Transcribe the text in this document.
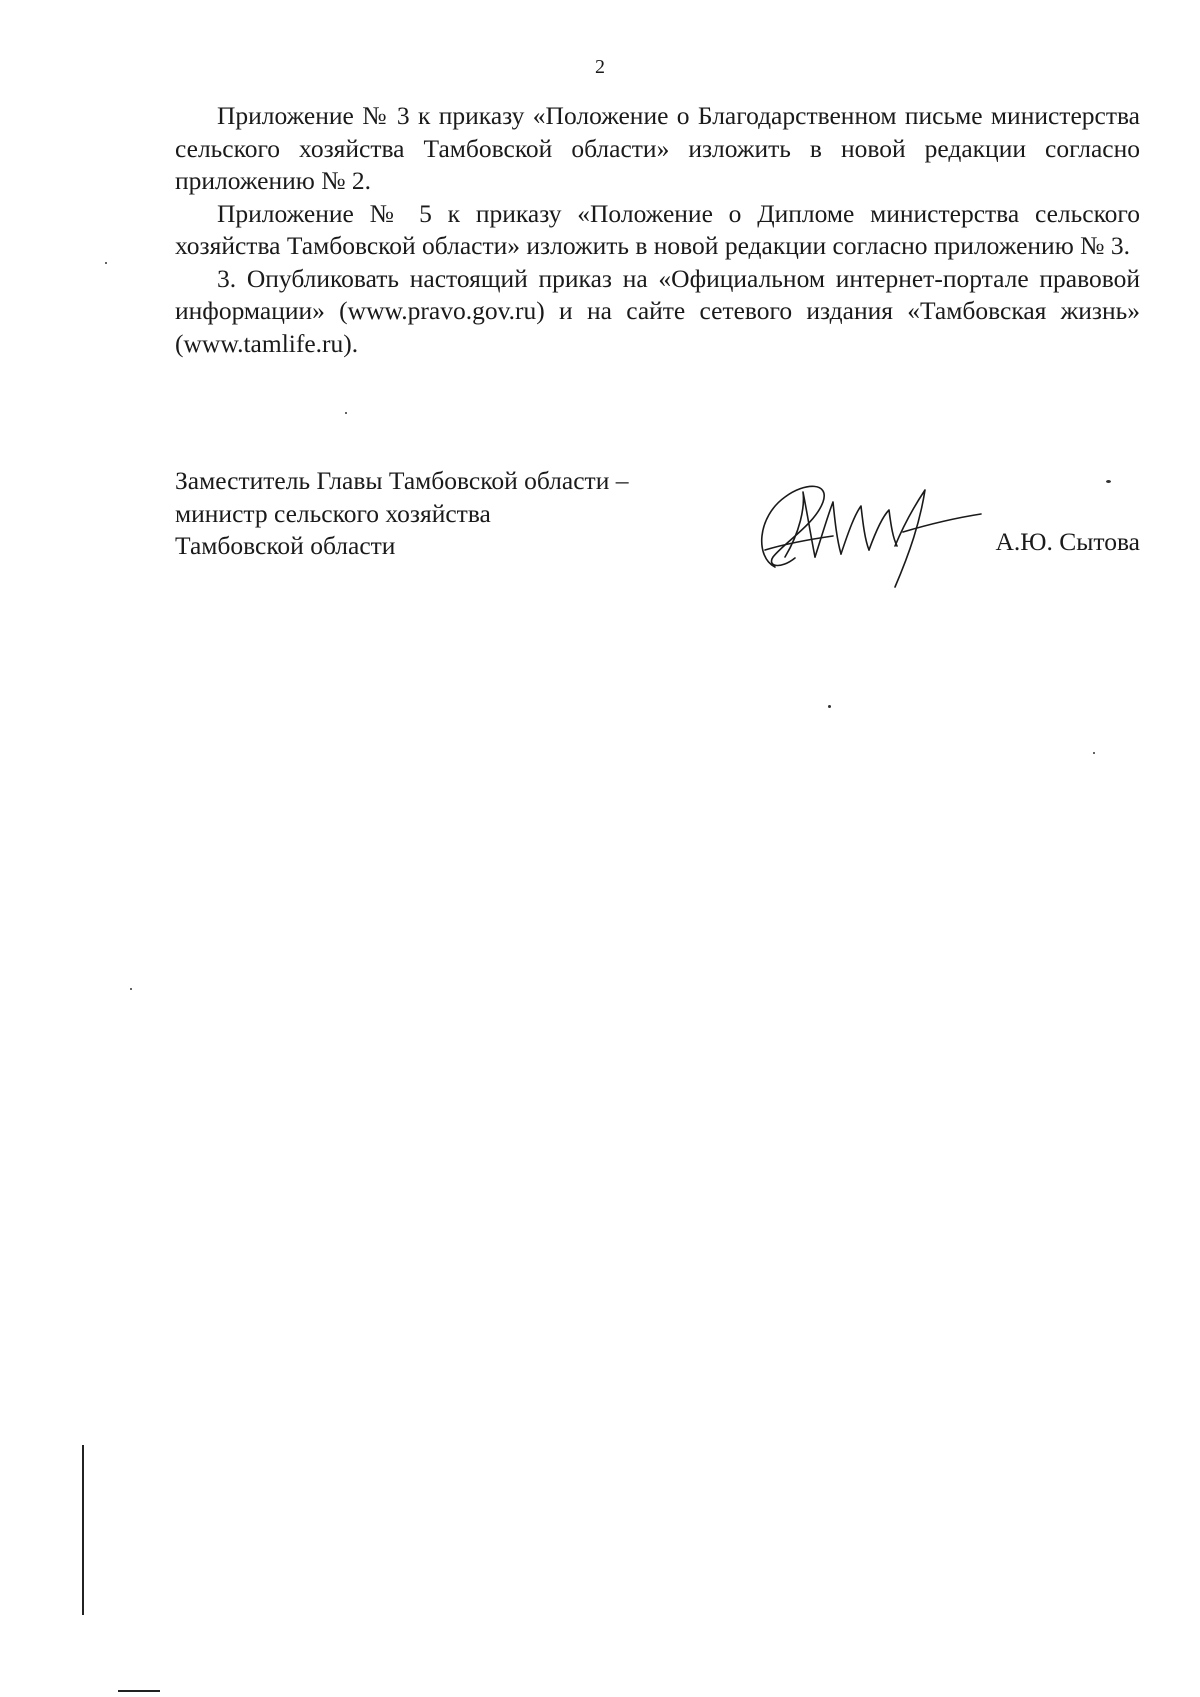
2

Приложение № 3 к приказу «Положение о Благодарственном письме министерства сельского хозяйства Тамбовской области» изложить в новой редакции согласно приложению № 2.

Приложение № 5 к приказу «Положение о Дипломе министерства сельского хозяйства Тамбовской области» изложить в новой редакции согласно приложению № 3.

3. Опубликовать настоящий приказ на «Официальном интернет-портале правовой информации» (www.pravo.gov.ru) и на сайте сетевого издания «Тамбовская жизнь» (www.tamlife.ru).

Заместитель Главы Тамбовской области –
министр сельского хозяйства
Тамбовской области	А.Ю. Сытова
